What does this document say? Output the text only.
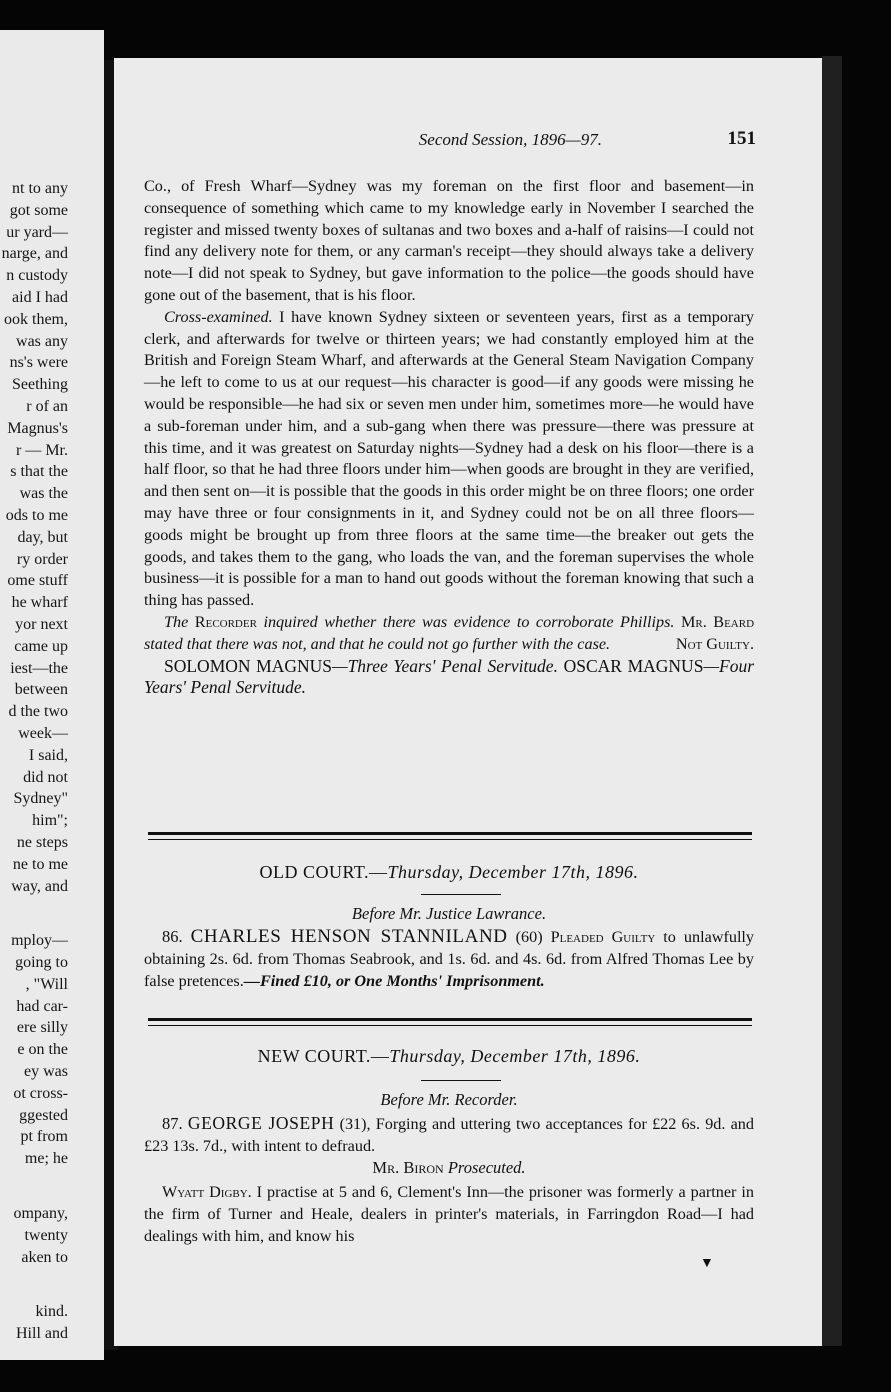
nt to any
got some
ur yard—
narge, and
n custody
aid I had
ook them,
was any
ns's were
Seething
r of an
Magnus's
r — Mr.
s that the
was the
ods to me
day, but
ry order
ome stuff
he wharf
yor next
came up
iest—the
between
d the two
week—
I said,
did not
Sydney"
him";
ne steps
ne to me
way, and
mploy—
going to
, "Will
had car-
ere silly
e on the
ey was
ot cross-
ggested
pt from
me; he
ompany,
twenty
aken to
kind.
Hill and
Second Session, 1896—97.	151

Co., of Fresh Wharf—Sydney was my foreman on the first floor and basement—in consequence of something which came to my knowledge early in November I searched the register and missed twenty boxes of sultanas and two boxes and a-half of raisins—I could not find any delivery note for them, or any carman's receipt—they should always take a delivery note—I did not speak to Sydney, but gave information to the police—the goods should have gone out of the basement, that is his floor.

Cross-examined. I have known Sydney sixteen or seventeen years, first as a temporary clerk, and afterwards for twelve or thirteen years; we had constantly employed him at the British and Foreign Steam Wharf, and afterwards at the General Steam Navigation Company—he left to come to us at our request—his character is good—if any goods were missing he would be responsible—he had six or seven men under him, sometimes more—he would have a sub-foreman under him, and a sub-gang when there was pressure—there was pressure at this time, and it was greatest on Saturday nights—Sydney had a desk on his floor—there is a half floor, so that he had three floors under him—when goods are brought in they are verified, and then sent on—it is possible that the goods in this order might be on three floors; one order may have three or four consignments in it, and Sydney could not be on all three floors—goods might be brought up from three floors at the same time—the breaker out gets the goods, and takes them to the gang, who loads the van, and the foreman supervises the whole business—it is possible for a man to hand out goods without the foreman knowing that such a thing has passed.

The Recorder inquired whether there was evidence to corroborate Phillips. Mr. Beard stated that there was not, and that he could not go further with the case.	Not Guilty.

SOLOMON MAGNUS—Three Years' Penal Servitude. OSCAR MAGNUS—Four Years' Penal Servitude.

OLD COURT.—Thursday, December 17th, 1896.
Before Mr. Justice Lawrance.
86. CHARLES HENSON STANNILAND (60) Pleaded Guilty to unlawfully obtaining 2s. 6d. from Thomas Seabrook, and 1s. 6d. and 4s. 6d. from Alfred Thomas Lee by false pretences.—Fined £10, or One Months' Imprisonment.
NEW COURT.—Thursday, December 17th, 1896.
Before Mr. Recorder.
87. GEORGE JOSEPH (31), Forging and uttering two acceptances for £22 6s. 9d. and £23 13s. 7d., with intent to defraud.
Mr. Biron Prosecuted.
Wyatt Digby. I practise at 5 and 6, Clement's Inn—the prisoner was formerly a partner in the firm of Turner and Heale, dealers in printer's materials, in Farringdon Road—I had dealings with him, and know his
▼
